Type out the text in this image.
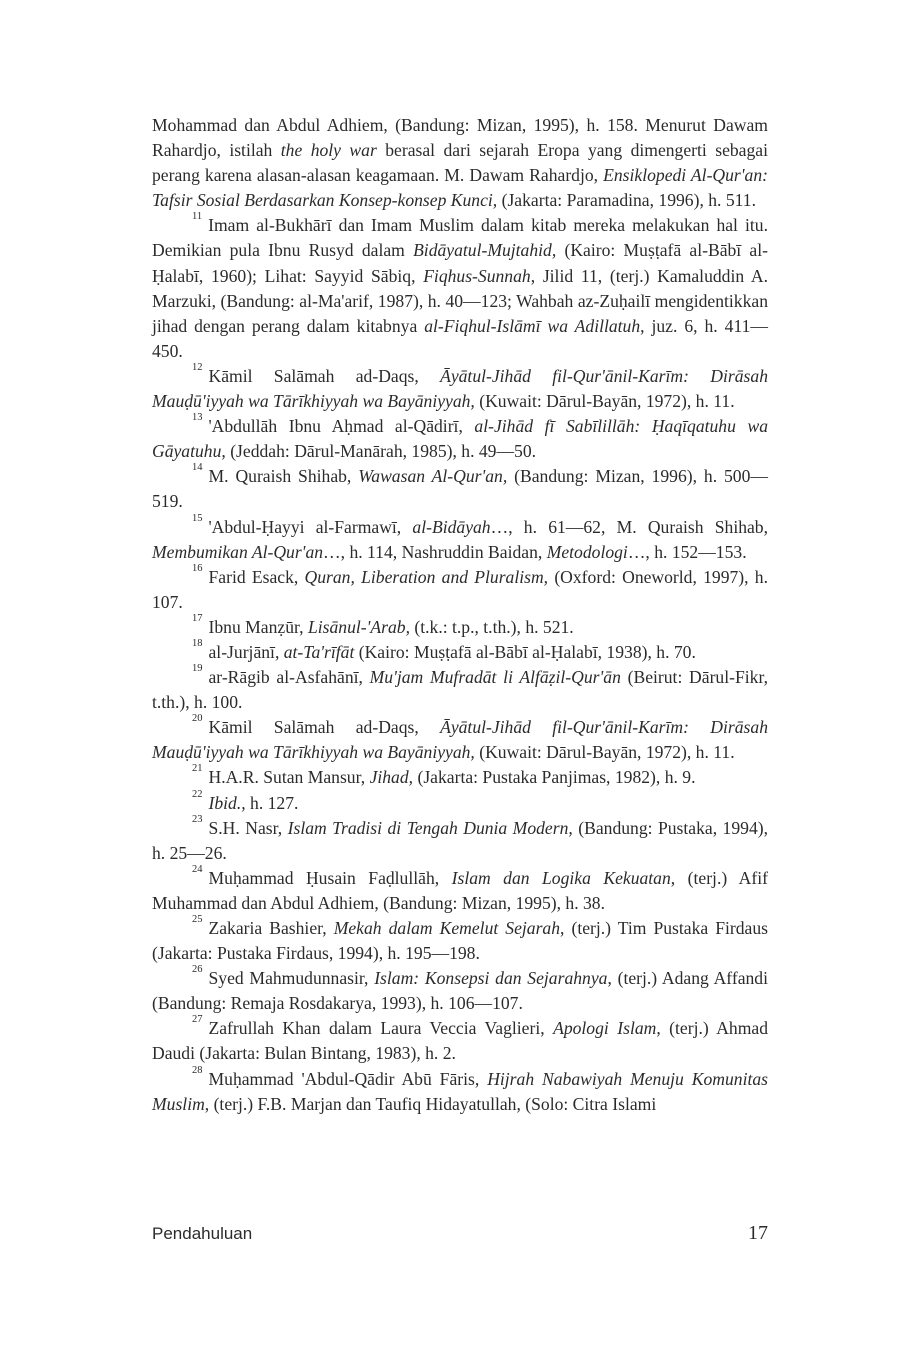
Mohammad dan Abdul Adhiem, (Bandung: Mizan, 1995), h. 158. Menurut Dawam Rahardjo, istilah the holy war berasal dari sejarah Eropa yang dimengerti sebagai perang karena alasan-alasan keagamaan. M. Dawam Rahardjo, Ensiklopedi Al-Qur'an: Tafsir Sosial Berdasarkan Konsep-konsep Kunci, (Jakarta: Paramadina, 1996), h. 511.

$^{11}$ Imam al-Bukhārī dan Imam Muslim dalam kitab mereka melakukan hal itu. Demikian pula Ibnu Rusyd dalam Bidāyatul-Mujtahid, (Kairo: Muṣṭafā al-Bābī al-Ḥalabī, 1960); Lihat: Sayyid Sābiq, Fiqhus-Sunnah, Jilid 11, (terj.) Kamaluddin A. Marzuki, (Bandung: al-Ma'arif, 1987), h. 40—123; Wahbah az-Zuḥailī mengidentikkan jihad dengan perang dalam kitabnya al-Fiqhul-Islāmī wa Adillatuh, juz. 6, h. 411—450.

$^{12}$ Kāmil Salāmah ad-Daqs, Āyātul-Jihād fil-Qur'ānil-Karīm: Dirāsah Mauḍū'iyyah wa Tārīkhiyyah wa Bayāniyyah, (Kuwait: Dārul-Bayān, 1972), h. 11.

$^{13}$ 'Abdullāh Ibnu Aḥmad al-Qādirī, al-Jihād fī Sabīlillāh: Ḥaqīqatuhu wa Gāyatuhu, (Jeddah: Dārul-Manārah, 1985), h. 49—50.

$^{14}$ M. Quraish Shihab, Wawasan Al-Qur'an, (Bandung: Mizan, 1996), h. 500—519.

$^{15}$ 'Abdul-Ḥayyi al-Farmawī, al-Bidāyah…, h. 61—62, M. Quraish Shihab, Membumikan Al-Qur'an…, h. 114, Nashruddin Baidan, Metodologi…, h. 152—153.

$^{16}$ Farid Esack, Quran, Liberation and Pluralism, (Oxford: Oneworld, 1997), h. 107.

$^{17}$ Ibnu Manẓūr, Lisānul-'Arab, (t.k.: t.p., t.th.), h. 521.

$^{18}$ al-Jurjānī, at-Ta'rīfāt (Kairo: Muṣṭafā al-Bābī al-Ḥalabī, 1938), h. 70.

$^{19}$ ar-Rāgib al-Asfahānī, Mu'jam Mufradāt li Alfāẓil-Qur'ān (Beirut: Dārul-Fikr, t.th.), h. 100.

$^{20}$ Kāmil Salāmah ad-Daqs, Āyātul-Jihād fil-Qur'ānil-Karīm: Dirāsah Mauḍū'iyyah wa Tārīkhiyyah wa Bayāniyyah, (Kuwait: Dārul-Bayān, 1972), h. 11.

$^{21}$ H.A.R. Sutan Mansur, Jihad, (Jakarta: Pustaka Panjimas, 1982), h. 9.

$^{22}$ Ibid., h. 127.

$^{23}$ S.H. Nasr, Islam Tradisi di Tengah Dunia Modern, (Bandung: Pustaka, 1994), h. 25—26.

$^{24}$ Muḥammad Ḥusain Faḍlullāh, Islam dan Logika Kekuatan, (terj.) Afif Muhammad dan Abdul Adhiem, (Bandung: Mizan, 1995), h. 38.

$^{25}$ Zakaria Bashier, Mekah dalam Kemelut Sejarah, (terj.) Tim Pustaka Firdaus (Jakarta: Pustaka Firdaus, 1994), h. 195—198.

$^{26}$ Syed Mahmudunnasir, Islam: Konsepsi dan Sejarahnya, (terj.) Adang Affandi (Bandung: Remaja Rosdakarya, 1993), h. 106—107.

$^{27}$ Zafrullah Khan dalam Laura Veccia Vaglieri, Apologi Islam, (terj.) Ahmad Daudi (Jakarta: Bulan Bintang, 1983), h. 2.

$^{28}$ Muḥammad 'Abdul-Qādir Abū Fāris, Hijrah Nabawiyah Menuju Komunitas Muslim, (terj.) F.B. Marjan dan Taufiq Hidayatullah, (Solo: Citra Islami

Pendahuluan	17
